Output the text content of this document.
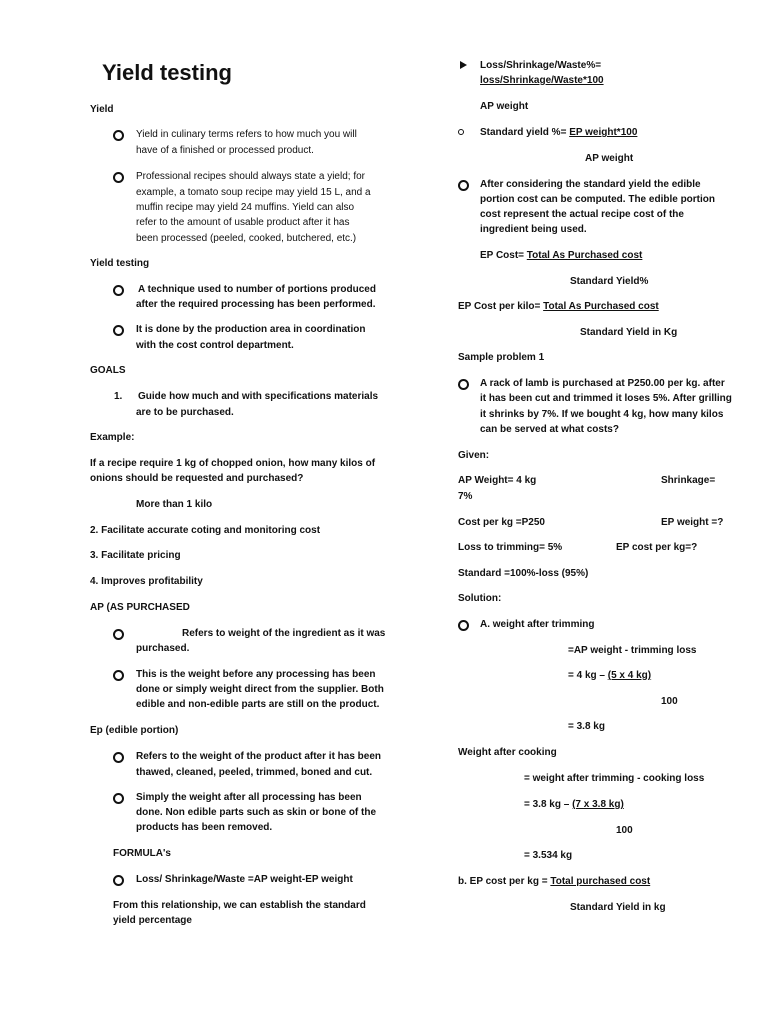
Yield testing
Yield
Yield in culinary terms refers to how much you will
have of a finished or processed product.
Professional recipes should always state a yield; for
example, a tomato soup recipe may yield 15 L, and a
muffin recipe may yield 24 muffins. Yield can also
refer to the amount of usable product after it has
been processed (peeled, cooked, butchered, etc.)
Yield testing
A technique used to number of portions produced
after the required processing has been performed.
It is done by the production area in coordination
with the cost control department.
GOALS
1. Guide how much and with specifications materials
are to be purchased.
Example:
If a recipe require 1 kg of chopped onion, how many kilos of
onions should be requested and purchased?
More than 1 kilo
2. Facilitate accurate coting and monitoring cost
3. Facilitate pricing
4. Improves profitability
AP (AS PURCHASED
Refers to weight of the ingredient as it was
purchased.
This is the weight before any processing has been
done or simply weight direct from the supplier. Both
edible and non-edible parts are still on the product.
Ep (edible portion)
Refers to the weight of the product after it has been
thawed, cleaned, peeled, trimmed, boned and cut.
Simply the weight after all processing has been
done. Non edible parts such as skin or bone of the
products has been removed.
FORMULA's
Loss/ Shrinkage/Waste =AP weight-EP weight
From this relationship, we can establish the standard
yield percentage
Loss/Shrinkage/Waste%=
loss/Shrinkage/Waste*100
AP weight
Standard yield %= EP weight*100
AP weight
After considering the standard yield the edible
portion cost can be computed. The edible portion
cost represent the actual recipe cost of the
ingredient being used.
EP Cost= Total As Purchased cost
Standard Yield%
EP Cost per kilo= Total As Purchased cost
Standard Yield in Kg
Sample problem 1
A rack of lamb is purchased at P250.00 per kg. after
it has been cut and trimmed it loses 5%. After grilling
it shrinks by 7%. If we bought 4 kg, how many kilos
can be served at what costs?
Given:
AP Weight= 4 kg	Shrinkage=
7%
Cost per kg =P250	EP weight =?
Loss to trimming= 5%	EP cost per kg=?
Standard =100%-loss (95%)
Solution:
A. weight after trimming
=AP weight - trimming loss
= 4 kg – (5 x 4 kg)
100
= 3.8 kg
Weight after cooking
= weight after trimming - cooking loss
= 3.8 kg – (7 x 3.8 kg)
100
= 3.534 kg
b. EP cost per kg = Total purchased cost
Standard Yield in kg
